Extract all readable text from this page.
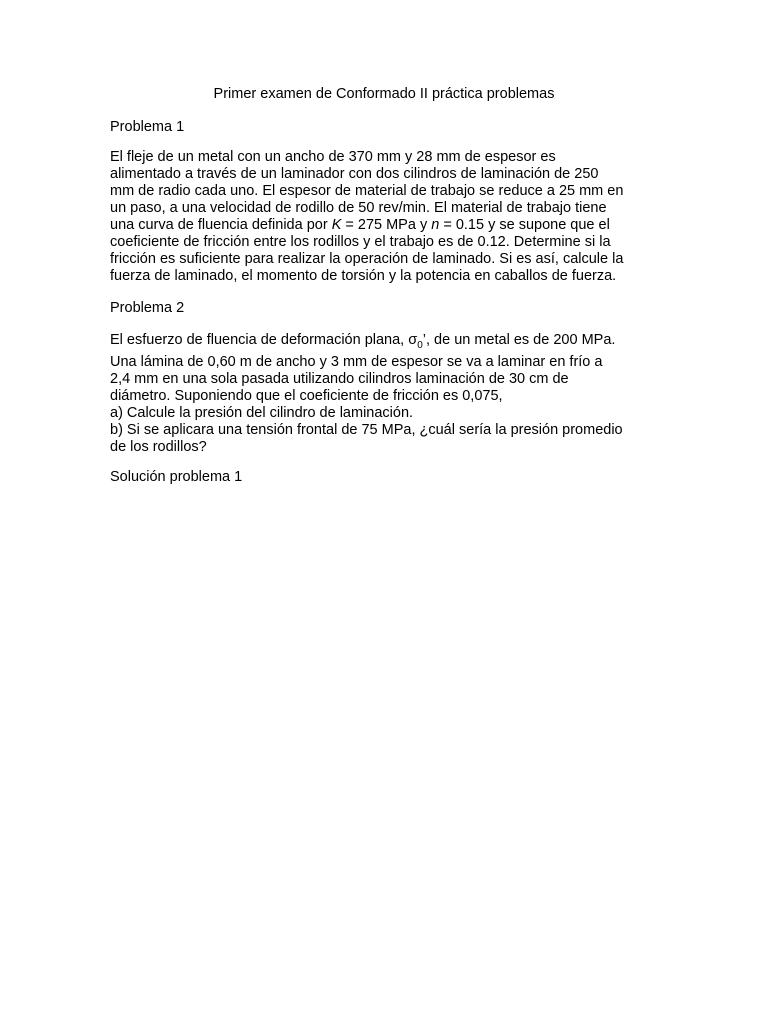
Primer examen de Conformado II práctica problemas
Problema 1
El fleje de un metal con un ancho de 370 mm y 28 mm de espesor es
alimentado a través de un laminador con dos cilindros de laminación de 250
mm de radio cada uno. El espesor de material de trabajo se reduce a 25 mm en
un paso, a una velocidad de rodillo de 50 rev/min. El material de trabajo tiene
una curva de fluencia definida por K = 275 MPa y n = 0.15 y se supone que el
coeficiente de fricción entre los rodillos y el trabajo es de 0.12. Determine si la
fricción es suficiente para realizar la operación de laminado. Si es así, calcule la
fuerza de laminado, el momento de torsión y la potencia en caballos de fuerza.
Problema 2
El esfuerzo de fluencia de deformación plana, $\sigma_0$’, de un metal es de 200 MPa.
Una lámina de 0,60 m de ancho y 3 mm de espesor se va a laminar en frío a
2,4 mm en una sola pasada utilizando cilindros laminación de 30 cm de
diámetro. Suponiendo que el coeficiente de fricción es 0,075,
a) Calcule la presión del cilindro de laminación.
b) Si se aplicara una tensión frontal de 75 MPa, ¿cuál sería la presión promedio
de los rodillos?
Solución problema 1
